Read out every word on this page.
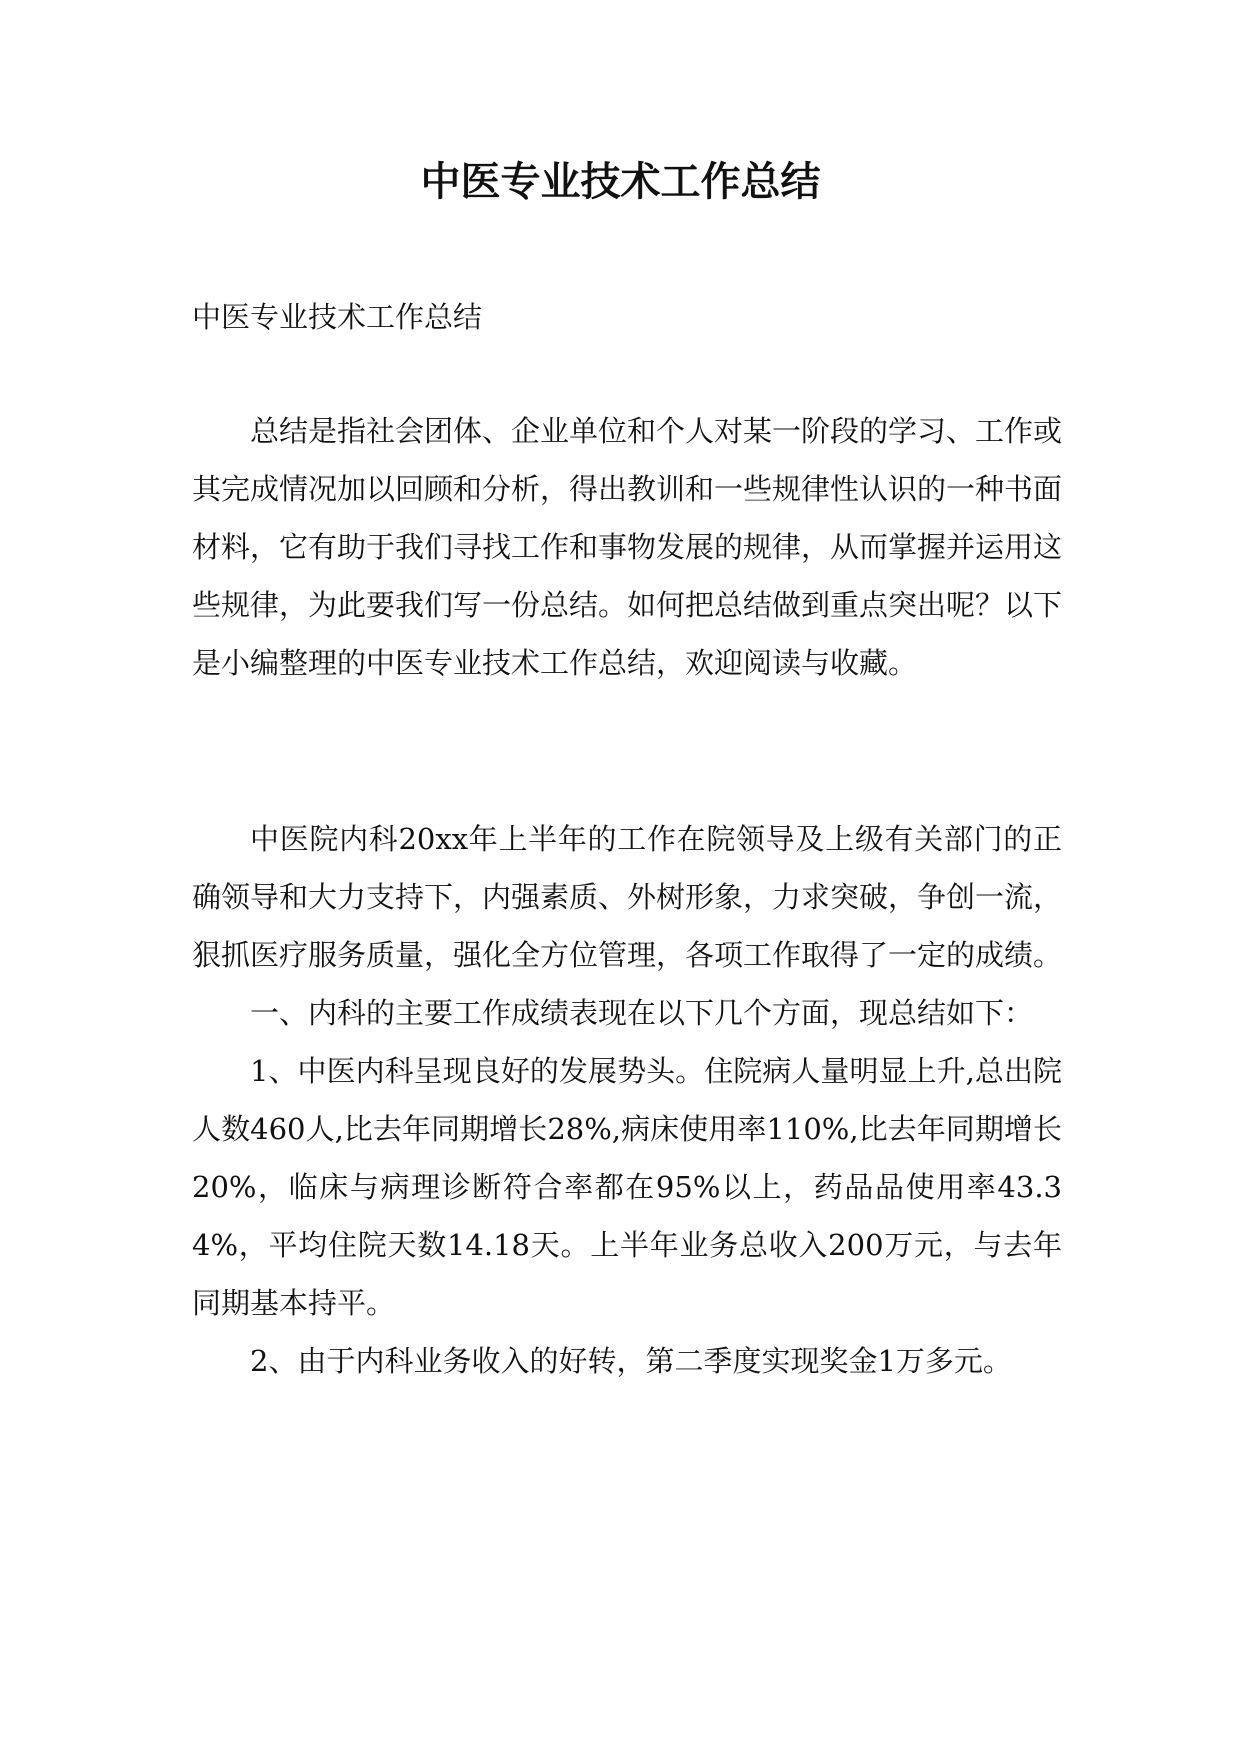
中医专业技术工作总结
中医专业技术工作总结

总结是指社会团体、企业单位和个人对某一阶段的学习、工作或其完成情况加以回顾和分析，得出教训和一些规律性认识的一种书面材料，它有助于我们寻找工作和事物发展的规律，从而掌握并运用这些规律，为此要我们写一份总结。如何把总结做到重点突出呢？以下是小编整理的中医专业技术工作总结，欢迎阅读与收藏。

中医院内科20xx年上半年的工作在院领导及上级有关部门的正确领导和大力支持下，内强素质、外树形象，力求突破，争创一流，狠抓医疗服务质量，强化全方位管理，各项工作取得了一定的成绩。

一、内科的主要工作成绩表现在以下几个方面，现总结如下：

1、中医内科呈现良好的发展势头。住院病人量明显上升,总出院人数460人,比去年同期增长28%,病床使用率110%,比去年同期增长20%，临床与病理诊断符合率都在95%以上，药品品使用率43.34%，平均住院天数14.18天。上半年业务总收入200万元，与去年同期基本持平。

2、由于内科业务收入的好转，第二季度实现奖金1万多元。
